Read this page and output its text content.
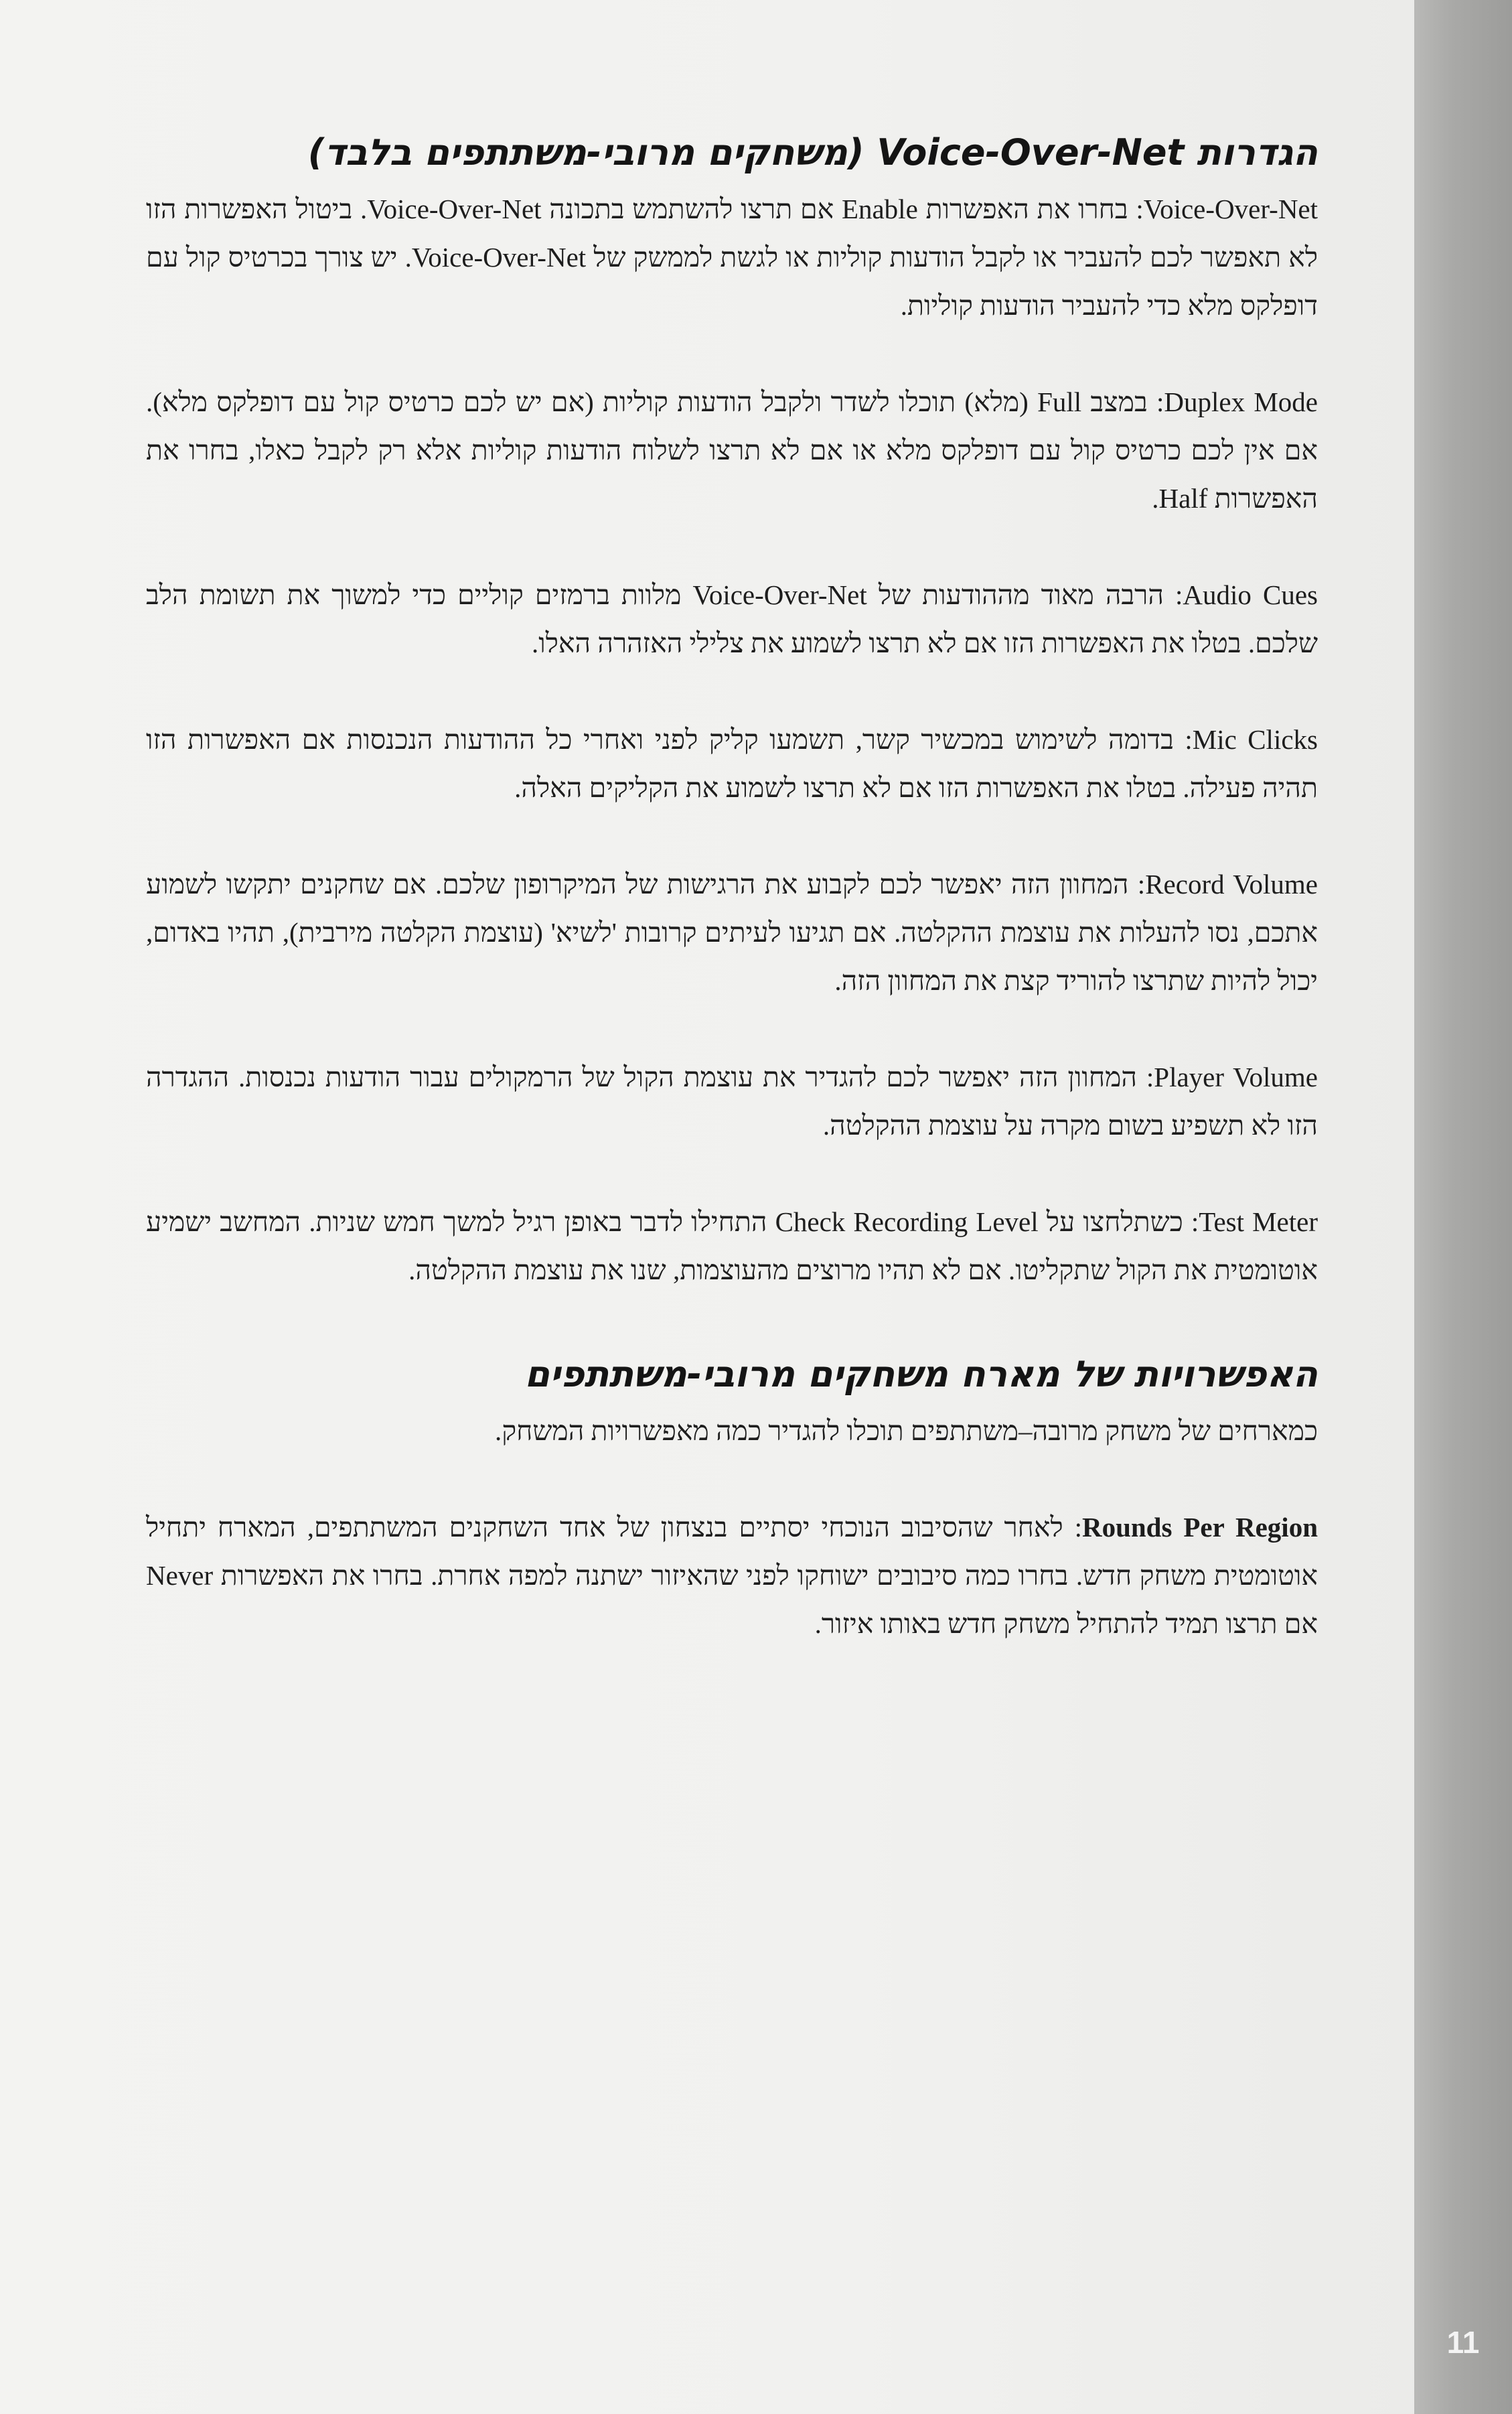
הגדרות Voice-Over-Net (משחקים מרובי-משתתפים בלבד)

Voice-Over-Net: בחרו את האפשרות Enable אם תרצו להשתמש בתכונה Voice-Over-Net. ביטול האפשרות הזו לא תאפשר לכם להעביר או לקבל הודעות קוליות או לגשת לממשק של Voice-Over-Net. יש צורך בכרטיס קול עם דופלקס מלא כדי להעביר הודעות קוליות.

Duplex Mode: במצב Full (מלא) תוכלו לשדר ולקבל הודעות קוליות (אם יש לכם כרטיס קול עם דופלקס מלא). אם אין לכם כרטיס קול עם דופלקס מלא או אם לא תרצו לשלוח הודעות קוליות אלא רק לקבל כאלו, בחרו את האפשרות Half.

Audio Cues: הרבה מאוד מההודעות של Voice-Over-Net מלוות ברמזים קוליים כדי למשוך את תשומת הלב שלכם. בטלו את האפשרות הזו אם לא תרצו לשמוע את צלילי האזהרה האלו.

Mic Clicks: בדומה לשימוש במכשיר קשר, תשמעו קליק לפני ואחרי כל ההודעות הנכנסות אם האפשרות הזו תהיה פעילה. בטלו את האפשרות הזו אם לא תרצו לשמוע את הקליקים האלה.

Record Volume: המחוון הזה יאפשר לכם לקבוע את הרגישות של המיקרופון שלכם. אם שחקנים יתקשו לשמוע אתכם, נסו להעלות את עוצמת ההקלטה. אם תגיעו לעיתים קרובות 'לשיא' (עוצמת הקלטה מירבית), תהיו באדום, יכול להיות שתרצו להוריד קצת את המחוון הזה.

Player Volume: המחוון הזה יאפשר לכם להגדיר את עוצמת הקול של הרמקולים עבור הודעות נכנסות. ההגדרה הזו לא תשפיע בשום מקרה על עוצמת ההקלטה.

Test Meter: כשתלחצו על Check Recording Level התחילו לדבר באופן רגיל למשך חמש שניות. המחשב ישמיע אוטומטית את הקול שתקליטו. אם לא תהיו מרוצים מהעוצמות, שנו את עוצמת ההקלטה.

האפשרויות של מארח משחקים מרובי-משתתפים

כמארחים של משחק מרובה–משתתפים תוכלו להגדיר כמה מאפשרויות המשחק.

Rounds Per Region: לאחר שהסיבוב הנוכחי יסתיים בנצחון של אחד השחקנים המשתתפים, המארח יתחיל אוטומטית משחק חדש. בחרו כמה סיבובים ישוחקו לפני שהאיזור ישתנה למפה אחרת. בחרו את האפשרות Never אם תרצו תמיד להתחיל משחק חדש באותו איזור.

11
